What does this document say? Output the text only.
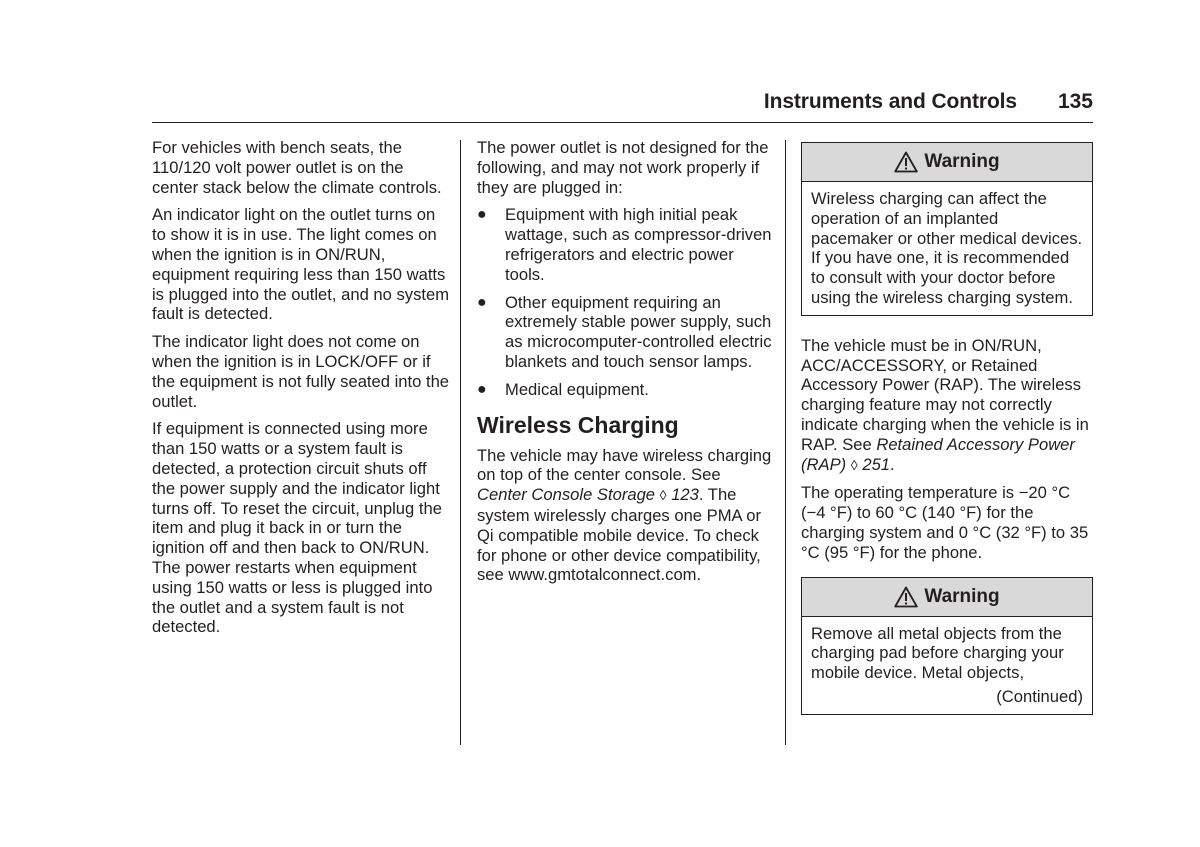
Instruments and Controls 135

For vehicles with bench seats, the 110/120 volt power outlet is on the center stack below the climate controls.

An indicator light on the outlet turns on to show it is in use. The light comes on when the ignition is in ON/RUN, equipment requiring less than 150 watts is plugged into the outlet, and no system fault is detected.

The indicator light does not come on when the ignition is in LOCK/OFF or if the equipment is not fully seated into the outlet.

If equipment is connected using more than 150 watts or a system fault is detected, a protection circuit shuts off the power supply and the indicator light turns off. To reset the circuit, unplug the item and plug it back in or turn the ignition off and then back to ON/RUN. The power restarts when equipment using 150 watts or less is plugged into the outlet and a system fault is not detected.

The power outlet is not designed for the following, and may not work properly if they are plugged in:

● Equipment with high initial peak wattage, such as compressor-driven refrigerators and electric power tools.
● Other equipment requiring an extremely stable power supply, such as microcomputer-controlled electric blankets and touch sensor lamps.
● Medical equipment.
Wireless Charging

The vehicle may have wireless charging on top of the center console. See Center Console Storage ◊ 123. The system wirelessly charges one PMA or Qi compatible mobile device. To check for phone or other device compatibility, see www.gmtotalconnect.com.

Warning

Wireless charging can affect the operation of an implanted pacemaker or other medical devices. If you have one, it is recommended to consult with your doctor before using the wireless charging system.

The vehicle must be in ON/RUN, ACC/ACCESSORY, or Retained Accessory Power (RAP). The wireless charging feature may not correctly indicate charging when the vehicle is in RAP. See Retained Accessory Power (RAP) ◊ 251.

The operating temperature is −20 °C (−4 °F) to 60 °C (140 °F) for the charging system and 0 °C (32 °F) to 35 °C (95 °F) for the phone.

Warning

Remove all metal objects from the charging pad before charging your mobile device. Metal objects,

(Continued)
